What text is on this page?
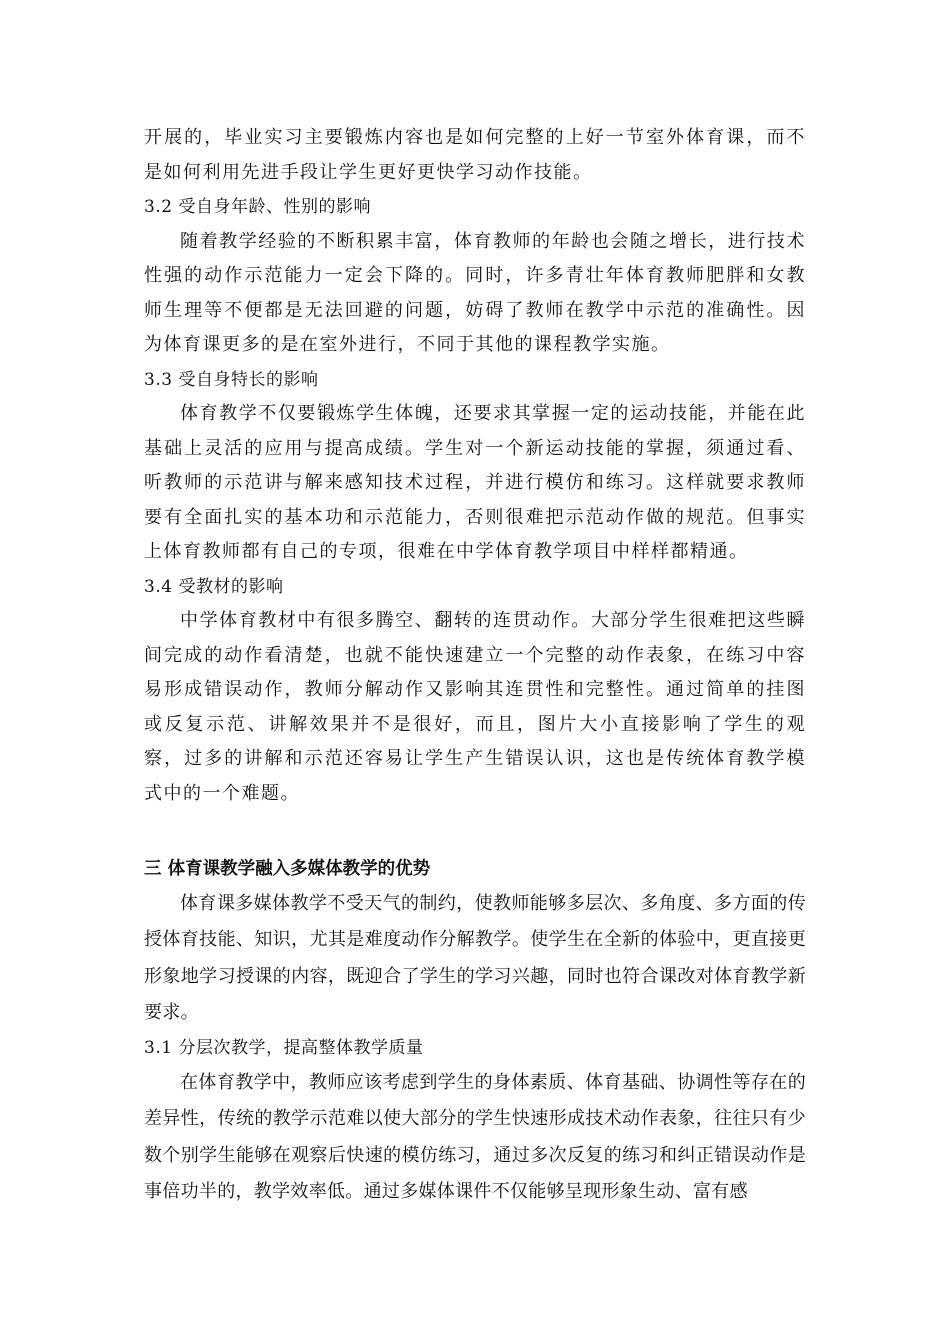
开展的，毕业实习主要锻炼内容也是如何完整的上好一节室外体育课，而不是如何利用先进手段让学生更好更快学习动作技能。

3.2 受自身年龄、性别的影响

随着教学经验的不断积累丰富，体育教师的年龄也会随之增长，进行技术性强的动作示范能力一定会下降的。同时，许多青壮年体育教师肥胖和女教师生理等不便都是无法回避的问题，妨碍了教师在教学中示范的准确性。因为体育课更多的是在室外进行，不同于其他的课程教学实施。

3.3 受自身特长的影响

体育教学不仅要锻炼学生体魄，还要求其掌握一定的运动技能，并能在此基础上灵活的应用与提高成绩。学生对一个新运动技能的掌握，须通过看、听教师的示范讲与解来感知技术过程，并进行模仿和练习。这样就要求教师要有全面扎实的基本功和示范能力，否则很难把示范动作做的规范。但事实上体育教师都有自己的专项，很难在中学体育教学项目中样样都精通。

3.4 受教材的影响

中学体育教材中有很多腾空、翻转的连贯动作。大部分学生很难把这些瞬间完成的动作看清楚，也就不能快速建立一个完整的动作表象，在练习中容易形成错误动作，教师分解动作又影响其连贯性和完整性。通过简单的挂图或反复示范、讲解效果并不是很好，而且，图片大小直接影响了学生的观察，过多的讲解和示范还容易让学生产生错误认识，这也是传统体育教学模式中的一个难题。

三 体育课教学融入多媒体教学的优势

体育课多媒体教学不受天气的制约，使教师能够多层次、多角度、多方面的传授体育技能、知识，尤其是难度动作分解教学。使学生在全新的体验中，更直接更形象地学习授课的内容，既迎合了学生的学习兴趣，同时也符合课改对体育教学新要求。

3.1 分层次教学，提高整体教学质量

在体育教学中，教师应该考虑到学生的身体素质、体育基础、协调性等存在的差异性，传统的教学示范难以使大部分的学生快速形成技术动作表象，往往只有少数个别学生能够在观察后快速的模仿练习，通过多次反复的练习和纠正错误动作是事倍功半的，教学效率低。通过多媒体课件不仅能够呈现形象生动、富有感
